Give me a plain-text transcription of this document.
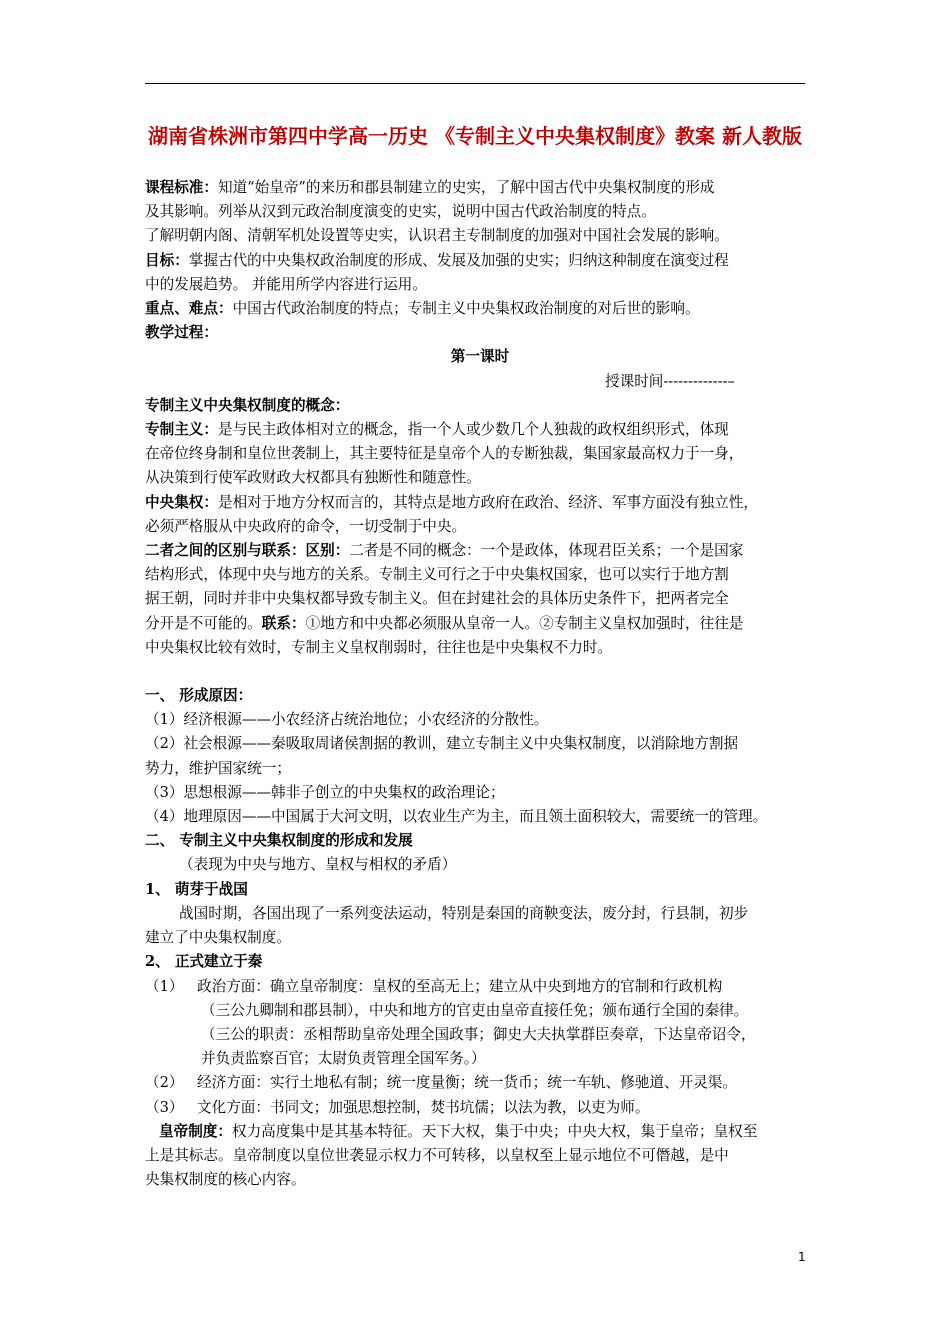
湖南省株洲市第四中学高一历史 《专制主义中央集权制度》教案 新人教版

课程标准：知道“始皇帝”的来历和郡县制建立的史实，了解中国古代中央集权制度的形成

及其影响。列举从汉到元政治制度演变的史实，说明中国古代政治制度的特点。

了解明朝内阁、清朝军机处设置等史实，认识君主专制制度的加强对中国社会发展的影响。

目标：掌握古代的中央集权政治制度的形成、发展及加强的史实；归纳这种制度在演变过程

中的发展趋势。 并能用所学内容进行运用。

重点、难点：中国古代政治制度的特点；专制主义中央集权政治制度的对后世的影响。

教学过程：

第一课时

授课时间-------------–

专制主义中央集权制度的概念：

专制主义：是与民主政体相对立的概念，指一个人或少数几个人独裁的政权组织形式，体现

在帝位终身制和皇位世袭制上，其主要特征是皇帝个人的专断独裁，集国家最高权力于一身，

从决策到行使军政财政大权都具有独断性和随意性。

中央集权：是相对于地方分权而言的，其特点是地方政府在政治、经济、军事方面没有独立性，

必须严格服从中央政府的命令，一切受制于中央。

二者之间的区别与联系：区别：二者是不同的概念：一个是政体，体现君臣关系；一个是国家

结构形式，体现中央与地方的关系。专制主义可行之于中央集权国家，也可以实行于地方割

据王朝，同时并非中央集权都导致专制主义。但在封建社会的具体历史条件下，把两者完全

分开是不可能的。联系：①地方和中央都必须服从皇帝一人。②专制主义皇权加强时，往往是

中央集权比较有效时，专制主义皇权削弱时，往往也是中央集权不力时。

一、 形成原因：

（1）经济根源——小农经济占统治地位；小农经济的分散性。

（2）社会根源——秦吸取周诸侯割据的教训，建立专制主义中央集权制度，以消除地方割据

势力，维护国家统一；

（3）思想根源——韩非子创立的中央集权的政治理论；

（4）地理原因——中国属于大河文明，以农业生产为主，而且领土面积较大，需要统一的管理。

二、 专制主义中央集权制度的形成和发展

（表现为中央与地方、皇权与相权的矛盾）

1、 萌芽于战国

战国时期，各国出现了一系列变法运动，特别是秦国的商鞅变法，废分封，行县制，初步

建立了中央集权制度。

2、 正式建立于秦

（1） 政治方面：确立皇帝制度：皇权的至高无上；建立从中央到地方的官制和行政机构

（三公九卿制和郡县制），中央和地方的官吏由皇帝直接任免；颁布通行全国的秦律。

（三公的职责：丞相帮助皇帝处理全国政事；御史大夫执掌群臣奏章，下达皇帝诏令，

并负责监察百官；太尉负责管理全国军务。）

（2） 经济方面：实行土地私有制；统一度量衡；统一货币；统一车轨、修驰道、开灵渠。

（3） 文化方面：书同文；加强思想控制，焚书坑儒；以法为教，以吏为师。

皇帝制度：权力高度集中是其基本特征。天下大权，集于中央；中央大权，集于皇帝；皇权至

上是其标志。皇帝制度以皇位世袭显示权力不可转移，以皇权至上显示地位不可僭越，是中

央集权制度的核心内容。

1
